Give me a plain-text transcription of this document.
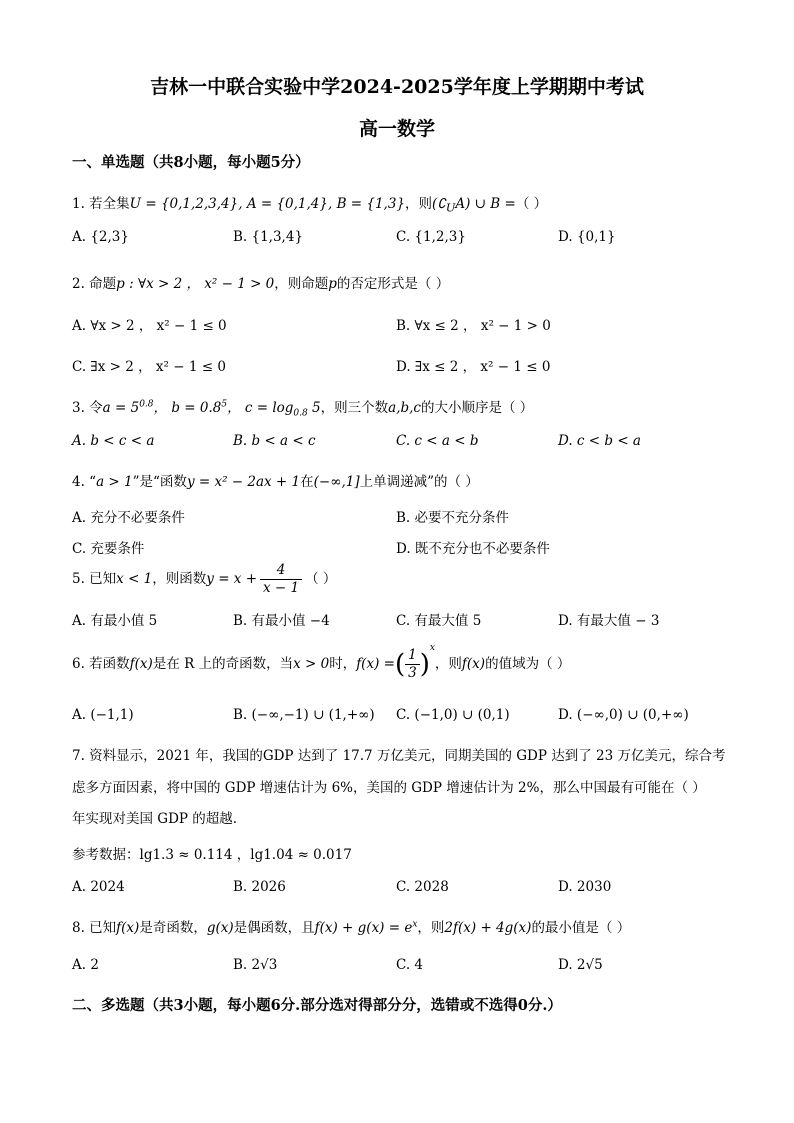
吉林一中联合实验中学2024-2025学年度上学期期中考试
高一数学
一、单选题（共8小题，每小题5分）
1. 若全集U = {0,1,2,3,4}, A = {0,1,4}, B = {1,3}，则$(∁_UA)$ ∪ B =（ ）
A. {2,3}	B. {1,3,4}	C. {1,2,3}	D. {0,1}
2. 命题p : ∀x > 2 ， x² − 1 > 0，则命题p的否定形式是（ ）
A. ∀x > 2 ， x² − 1 ≤ 0	B. ∀x ≤ 2 ， x² − 1 > 0
C. ∃x > 2 ， x² − 1 ≤ 0	D. ∃x ≤ 2 ， x² − 1 ≤ 0
3. 令$a = 5^{0.8}$， $b = 0.8^5$， $c = \log_{0.8} 5$，则三个数a,b,c的大小顺序是（ ）
A. b < c < a	B. b < a < c	C. c < a < b	D. c < b < a
4. “a > 1”是“函数y = x² − 2ax + 1在(−∞,1]上单调递减”的（ ）
A. 充分不必要条件	B. 必要不充分条件
C. 充要条件	D. 既不充分也不必要条件
5. 已知x < 1，则函数$y = x + \frac{4}{x - 1}$ （ ）
A. 有最小值 5	B. 有最小值 −4	C. 有最大值 5	D. 有最大值 − 3
6. 若函数f(x)是在 R 上的奇函数，当x > 0时，f(x) =( $\frac{1}{3} )^x$，则f(x)的值域为（ ）
A. (−1,1)	B. (−∞,−1) ∪ (1,+∞) C. (−1,0) ∪ (0,1)	D. (−∞,0) ∪ (0,+∞)
7. 资料显示，2021 年，我国的GDP 达到了 17.7 万亿美元，同期美国的 GDP 达到了 23 万亿美元，综合考
虑多方面因素，将中国的 GDP 增速估计为 6%，美国的 GDP 增速估计为 2%，那么中国最有可能在（ ）
年实现对美国 GDP 的超越.
参考数据：lg1.3 ≈ 0.114 ，lg1.04 ≈ 0.017
A. 2024	B. 2026	C. 2028	D. 2030
8. 已知f(x)是奇函数，g(x)是偶函数，且$f(x) + g(x) = e^x$，则2f(x) + 4g(x)的最小值是（ ）
A. 2	B. 2√3	C. 4	D. 2√5
二、多选题（共3小题，每小题6分.部分选对得部分分，选错或不选得0分.）
